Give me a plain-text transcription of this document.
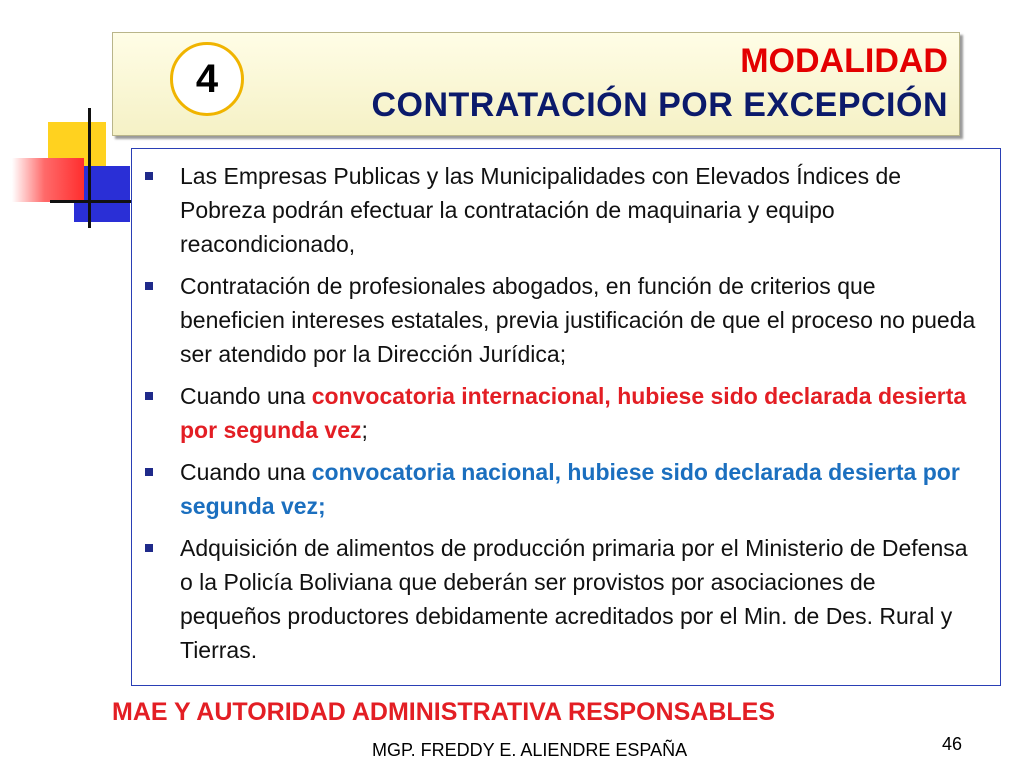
4	MODALIDAD
CONTRATACIÓN POR EXCEPCIÓN
Las Empresas Publicas y las Municipalidades con Elevados Índices de Pobreza podrán efectuar la contratación de maquinaria y equipo reacondicionado,
Contratación de profesionales abogados, en función de criterios que beneficien intereses estatales, previa justificación de que el proceso no pueda ser atendido por la Dirección Jurídica;
Cuando una convocatoria internacional, hubiese sido declarada desierta por segunda vez;
Cuando una convocatoria nacional, hubiese sido declarada desierta por segunda vez;
Adquisición de alimentos de producción primaria por el Ministerio de Defensa o la Policía Boliviana que deberán ser provistos por asociaciones de pequeños productores debidamente acreditados por el Min. de Des. Rural y Tierras.
MAE Y AUTORIDAD ADMINISTRATIVA RESPONSABLES
MGP. FREDDY E. ALIENDRE ESPAÑA	46
